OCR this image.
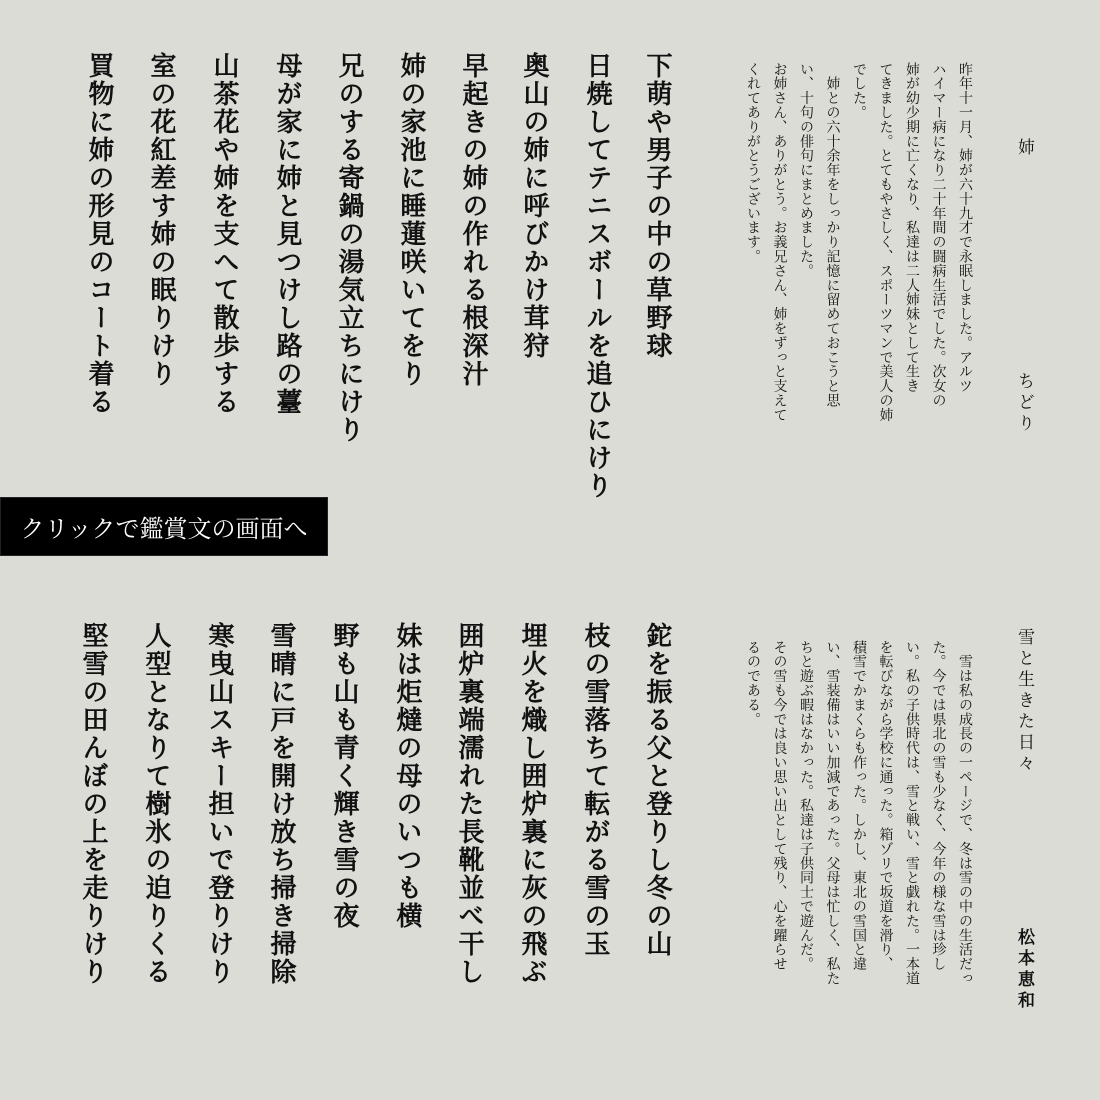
姉
ちどり
昨年十一月、姉が六十九才で永眠しました。アルツ
ハイマー病になり二十年間の闘病生活でした。次女の
姉が幼少期に亡くなり、私達は二人姉妹として生き
てきました。とてもやさしく、スポーツマンで美人の姉
でした。
　姉との六十余年をしっかり記憶に留めておこうと思
い、十句の俳句にまとめました。
お姉さん、ありがとう。お義兄さん、姉をずっと支えて
くれてありがとうございます。
下萌や男子の中の草野球
日焼してテニスボールを追ひにけり
奥山の姉に呼びかけ茸狩
早起きの姉の作れる根深汁
姉の家池に睡蓮咲いてをり
兄のする寄鍋の湯気立ちにけり
母が家に姉と見つけし路の薹
山茶花や姉を支へて散歩する
室の花紅差す姉の眠りけり
買物に姉の形見のコート着る
クリックで鑑賞文の画面へ
雪と生きた日々
松本恵和
　雪は私の成長の一ページで、冬は雪の中の生活だっ
た。今では県北の雪も少なく、今年の様な雪は珍し
い。私の子供時代は、雪と戦い、雪と戯れた。一本道
を転びながら学校に通った。箱ゾリで坂道を滑り、
積雪でかまくらも作った。しかし、東北の雪国と違
い、雪装備はいい加減であった。父母は忙しく、私た
ちと遊ぶ暇はなかった。私達は子供同士で遊んだ。
その雪も今では良い思い出として残り、心を躍らせ
るのである。
鉈を振る父と登りし冬の山
枝の雪落ちて転がる雪の玉
埋火を熾し囲炉裏に灰の飛ぶ
囲炉裏端濡れた長靴並べ干し
妹は炬燵の母のいつも横
野も山も青く輝き雪の夜
雪晴に戸を開け放ち掃き掃除
寒曳山スキー担いで登りけり
人型となりて樹氷の迫りくる
堅雪の田んぼの上を走りけり
